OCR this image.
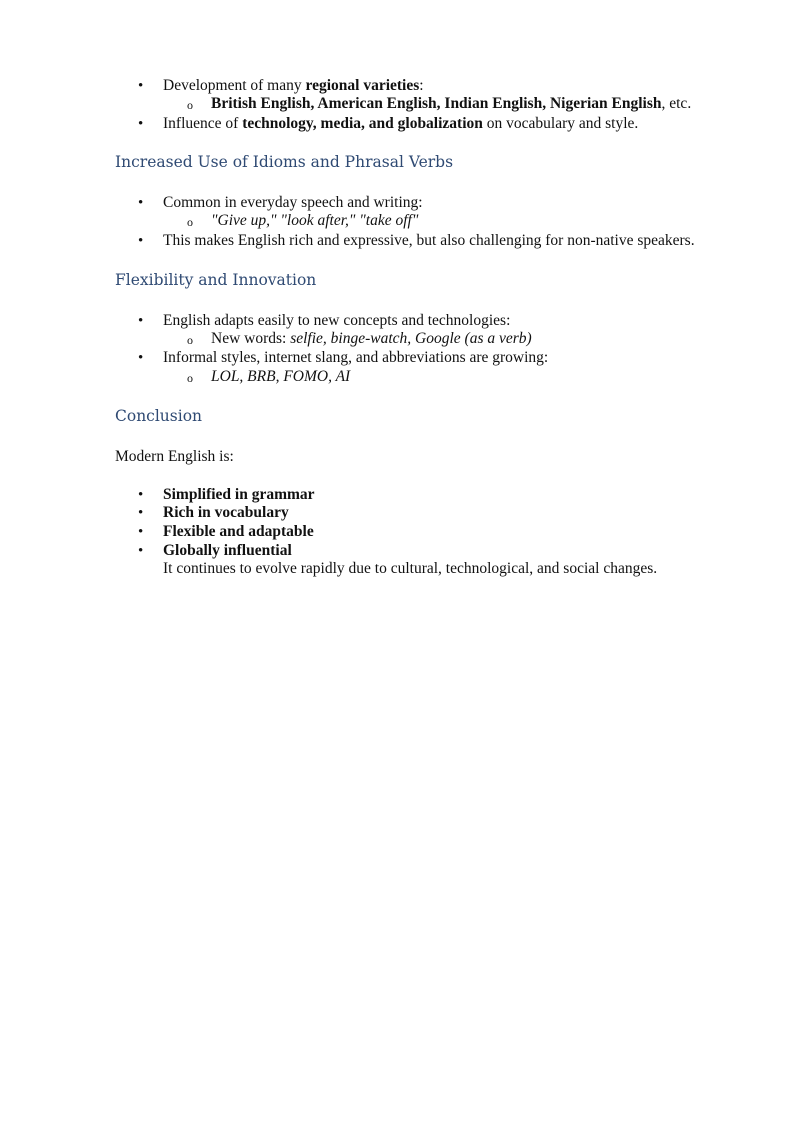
• Development of many regional varieties:
o British English, American English, Indian English, Nigerian English, etc.
• Influence of technology, media, and globalization on vocabulary and style.
Increased Use of Idioms and Phrasal Verbs
• Common in everyday speech and writing:
o "Give up," "look after," "take off"
• This makes English rich and expressive, but also challenging for non-native speakers.
Flexibility and Innovation
• English adapts easily to new concepts and technologies:
o New words: selfie, binge-watch, Google (as a verb)
• Informal styles, internet slang, and abbreviations are growing:
o LOL, BRB, FOMO, AI
Conclusion
Modern English is:
• Simplified in grammar
• Rich in vocabulary
• Flexible and adaptable
• Globally influential
It continues to evolve rapidly due to cultural, technological, and social changes.
